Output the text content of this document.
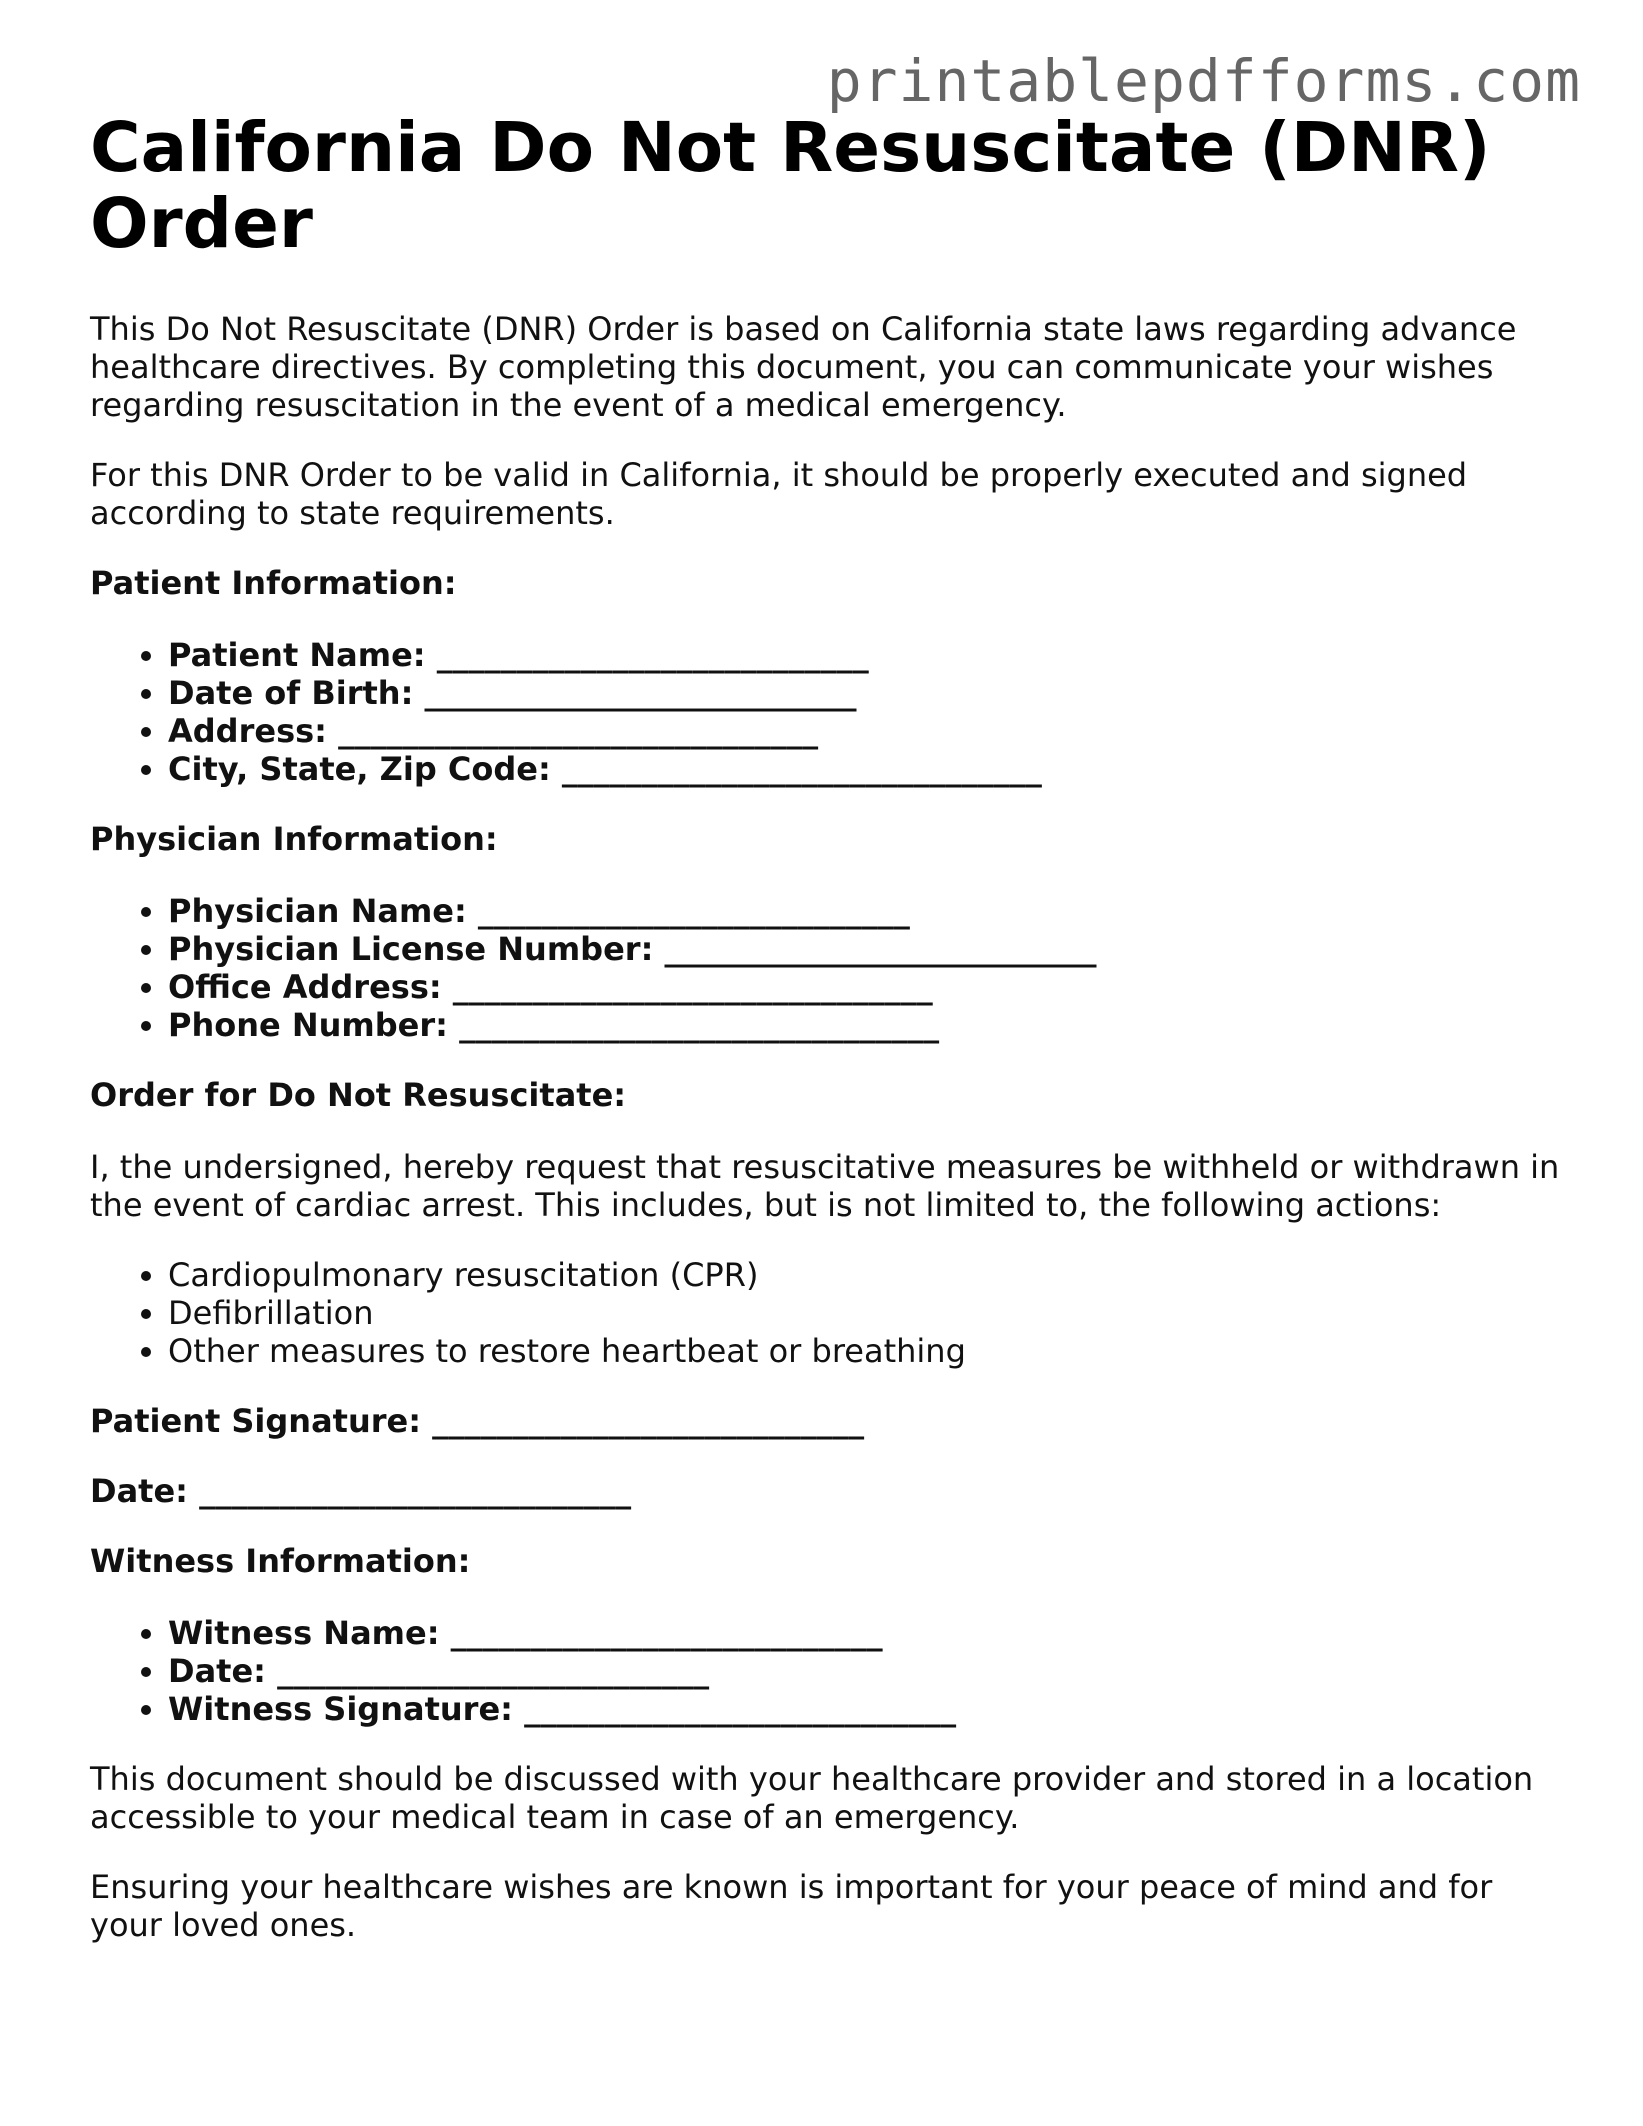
printablepdfforms.com
California Do Not Resuscitate (DNR) Order

This Do Not Resuscitate (DNR) Order is based on California state laws regarding advance healthcare directives. By completing this document, you can communicate your wishes regarding resuscitation in the event of a medical emergency.

For this DNR Order to be valid in California, it should be properly executed and signed according to state requirements.

Patient Information:

• Patient Name: ___________________________
• Date of Birth: ___________________________
• Address: ______________________________
• City, State, Zip Code: ______________________________

Physician Information:

• Physician Name: ___________________________
• Physician License Number: ___________________________
• Office Address: ______________________________
• Phone Number: ______________________________

Order for Do Not Resuscitate:

I, the undersigned, hereby request that resuscitative measures be withheld or withdrawn in the event of cardiac arrest. This includes, but is not limited to, the following actions:

• Cardiopulmonary resuscitation (CPR)
• Defibrillation
• Other measures to restore heartbeat or breathing

Patient Signature: ___________________________

Date: ___________________________

Witness Information:

• Witness Name: ___________________________
• Date: ___________________________
• Witness Signature: ___________________________

This document should be discussed with your healthcare provider and stored in a location accessible to your medical team in case of an emergency.

Ensuring your healthcare wishes are known is important for your peace of mind and for your loved ones.
